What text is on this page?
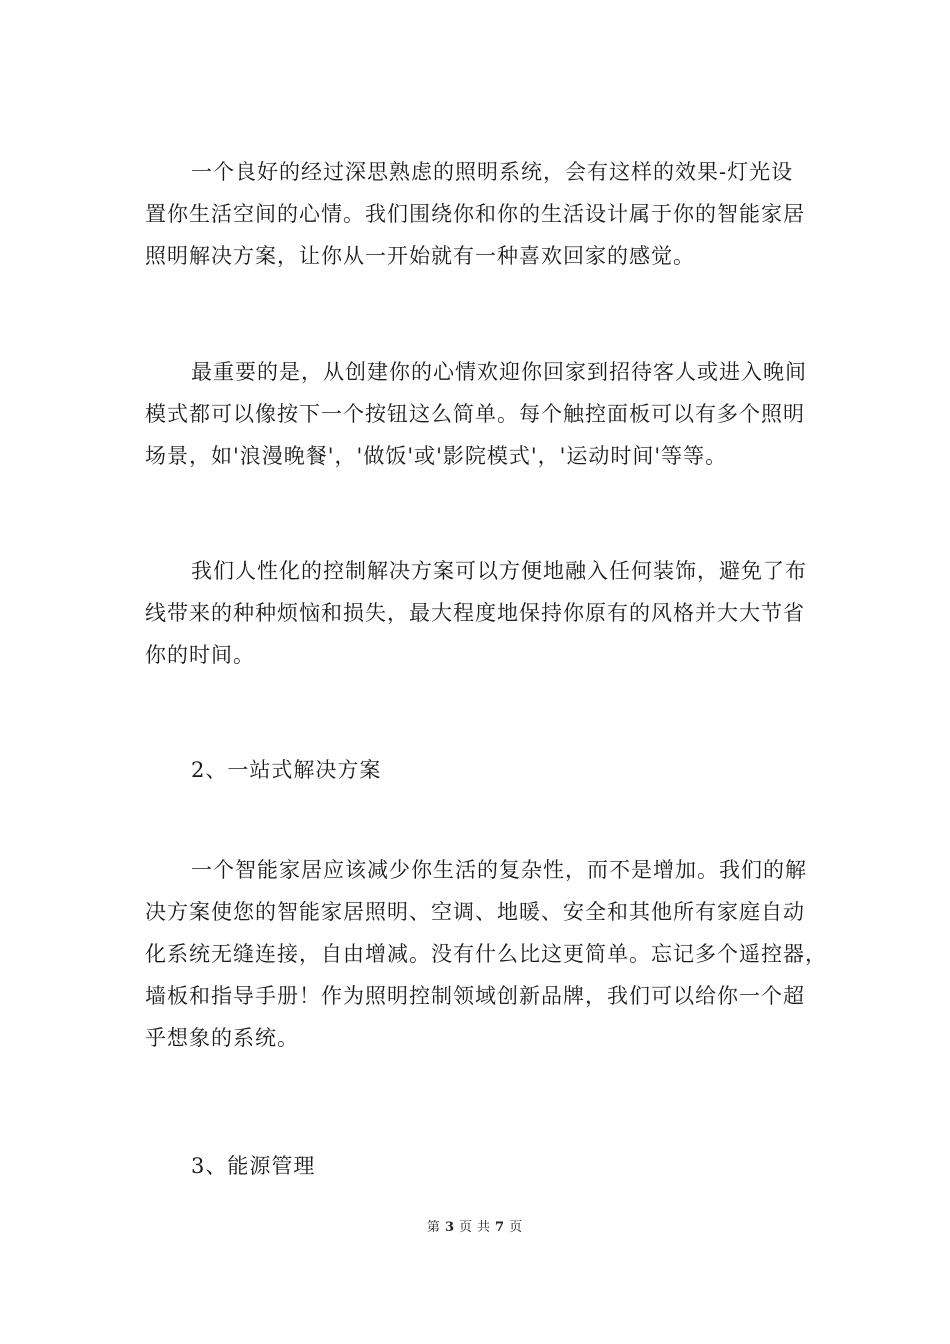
一个良好的经过深思熟虑的照明系统，会有这样的效果-灯光设
置你生活空间的心情。我们围绕你和你的生活设计属于你的智能家居
照明解决方案，让你从一开始就有一种喜欢回家的感觉。
最重要的是，从创建你的心情欢迎你回家到招待客人或进入晚间
模式都可以像按下一个按钮这么简单。每个触控面板可以有多个照明
场景，如'浪漫晚餐'，'做饭'或'影院模式'，'运动时间'等等。
我们人性化的控制解决方案可以方便地融入任何装饰，避免了布
线带来的种种烦恼和损失，最大程度地保持你原有的风格并大大节省
你的时间。
2、一站式解决方案
一个智能家居应该减少你生活的复杂性，而不是增加。我们的解
决方案使您的智能家居照明、空调、地暖、安全和其他所有家庭自动
化系统无缝连接，自由增减。没有什么比这更简单。忘记多个遥控器，
墙板和指导手册！作为照明控制领域创新品牌，我们可以给你一个超
乎想象的系统。
3、能源管理
第 3 页 共 7 页
